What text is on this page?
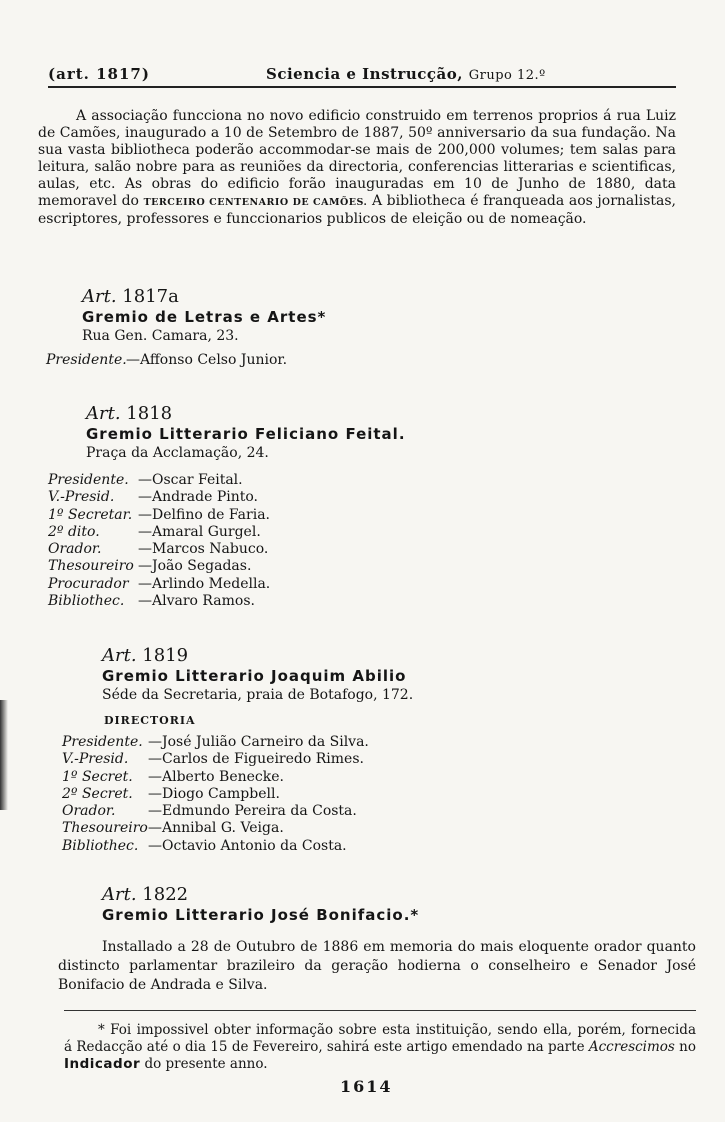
(art. 1817)	Sciencia e Instrucção, Grupo 12.º

A associação funcciona no novo edificio construido em terrenos proprios á rua Luiz de Camões, inaugurado a 10 de Setembro de 1887, 50º anniversario da sua fundação. Na sua vasta bibliotheca poderão accommodar-se mais de 200,000 volumes; tem salas para leitura, salão nobre para as reuniões da directoria, conferencias litterarias e scientificas, aulas, etc. As obras do edificio forão inauguradas em 10 de Junho de 1880, data memoravel do TERCEIRO CENTENARIO DE CAMÕES. A bibliotheca é franqueada aos jornalistas, escriptores, professores e funccionarios publicos de eleição ou de nomeação.

Art. 1817a
Gremio de Letras e Artes*
Rua Gen. Camara, 23.
Presidente.—Affonso Celso Junior.
Art. 1818
Gremio Litterario Feliciano Feital.
Praça da Acclamação, 24.
Presidente. —Oscar Feital.
V.-Presid. —Andrade Pinto.
1º Secretar. —Delfino de Faria.
2º dito.	—Amaral Gurgel.
Orador.	—Marcos Nabuco.
Thesoureiro —João Segadas.
Procurador —Arlindo Medella.
Bibliothec. —Alvaro Ramos.
Art. 1819
Gremio Litterario Joaquim Abilio
Séde da Secretaria, praia de Botafogo, 172.
DIRECTORIA
Presidente. —José Julião Carneiro da Silva.
V.-Presid. —Carlos de Figueiredo Rimes.
1º Secret. —Alberto Benecke.
2º Secret. —Diogo Campbell.
Orador. —Edmundo Pereira da Costa.
Thesoureiro—Annibal G. Veiga.
Bibliothec. —Octavio Antonio da Costa.
Art. 1822
Gremio Litterario José Bonifacio.*

Installado a 28 de Outubro de 1886 em memoria do mais eloquente orador quanto distincto parlamentar brazileiro da geração hodierna o conselheiro e Senador José Bonifacio de Andrada e Silva.

* Foi impossivel obter informação sobre esta instituição, sendo ella, porém, fornecida á Redacção até o dia 15 de Fevereiro, sahirá este artigo emendado na parte Accrescimos no Indicador do presente anno.

1614
